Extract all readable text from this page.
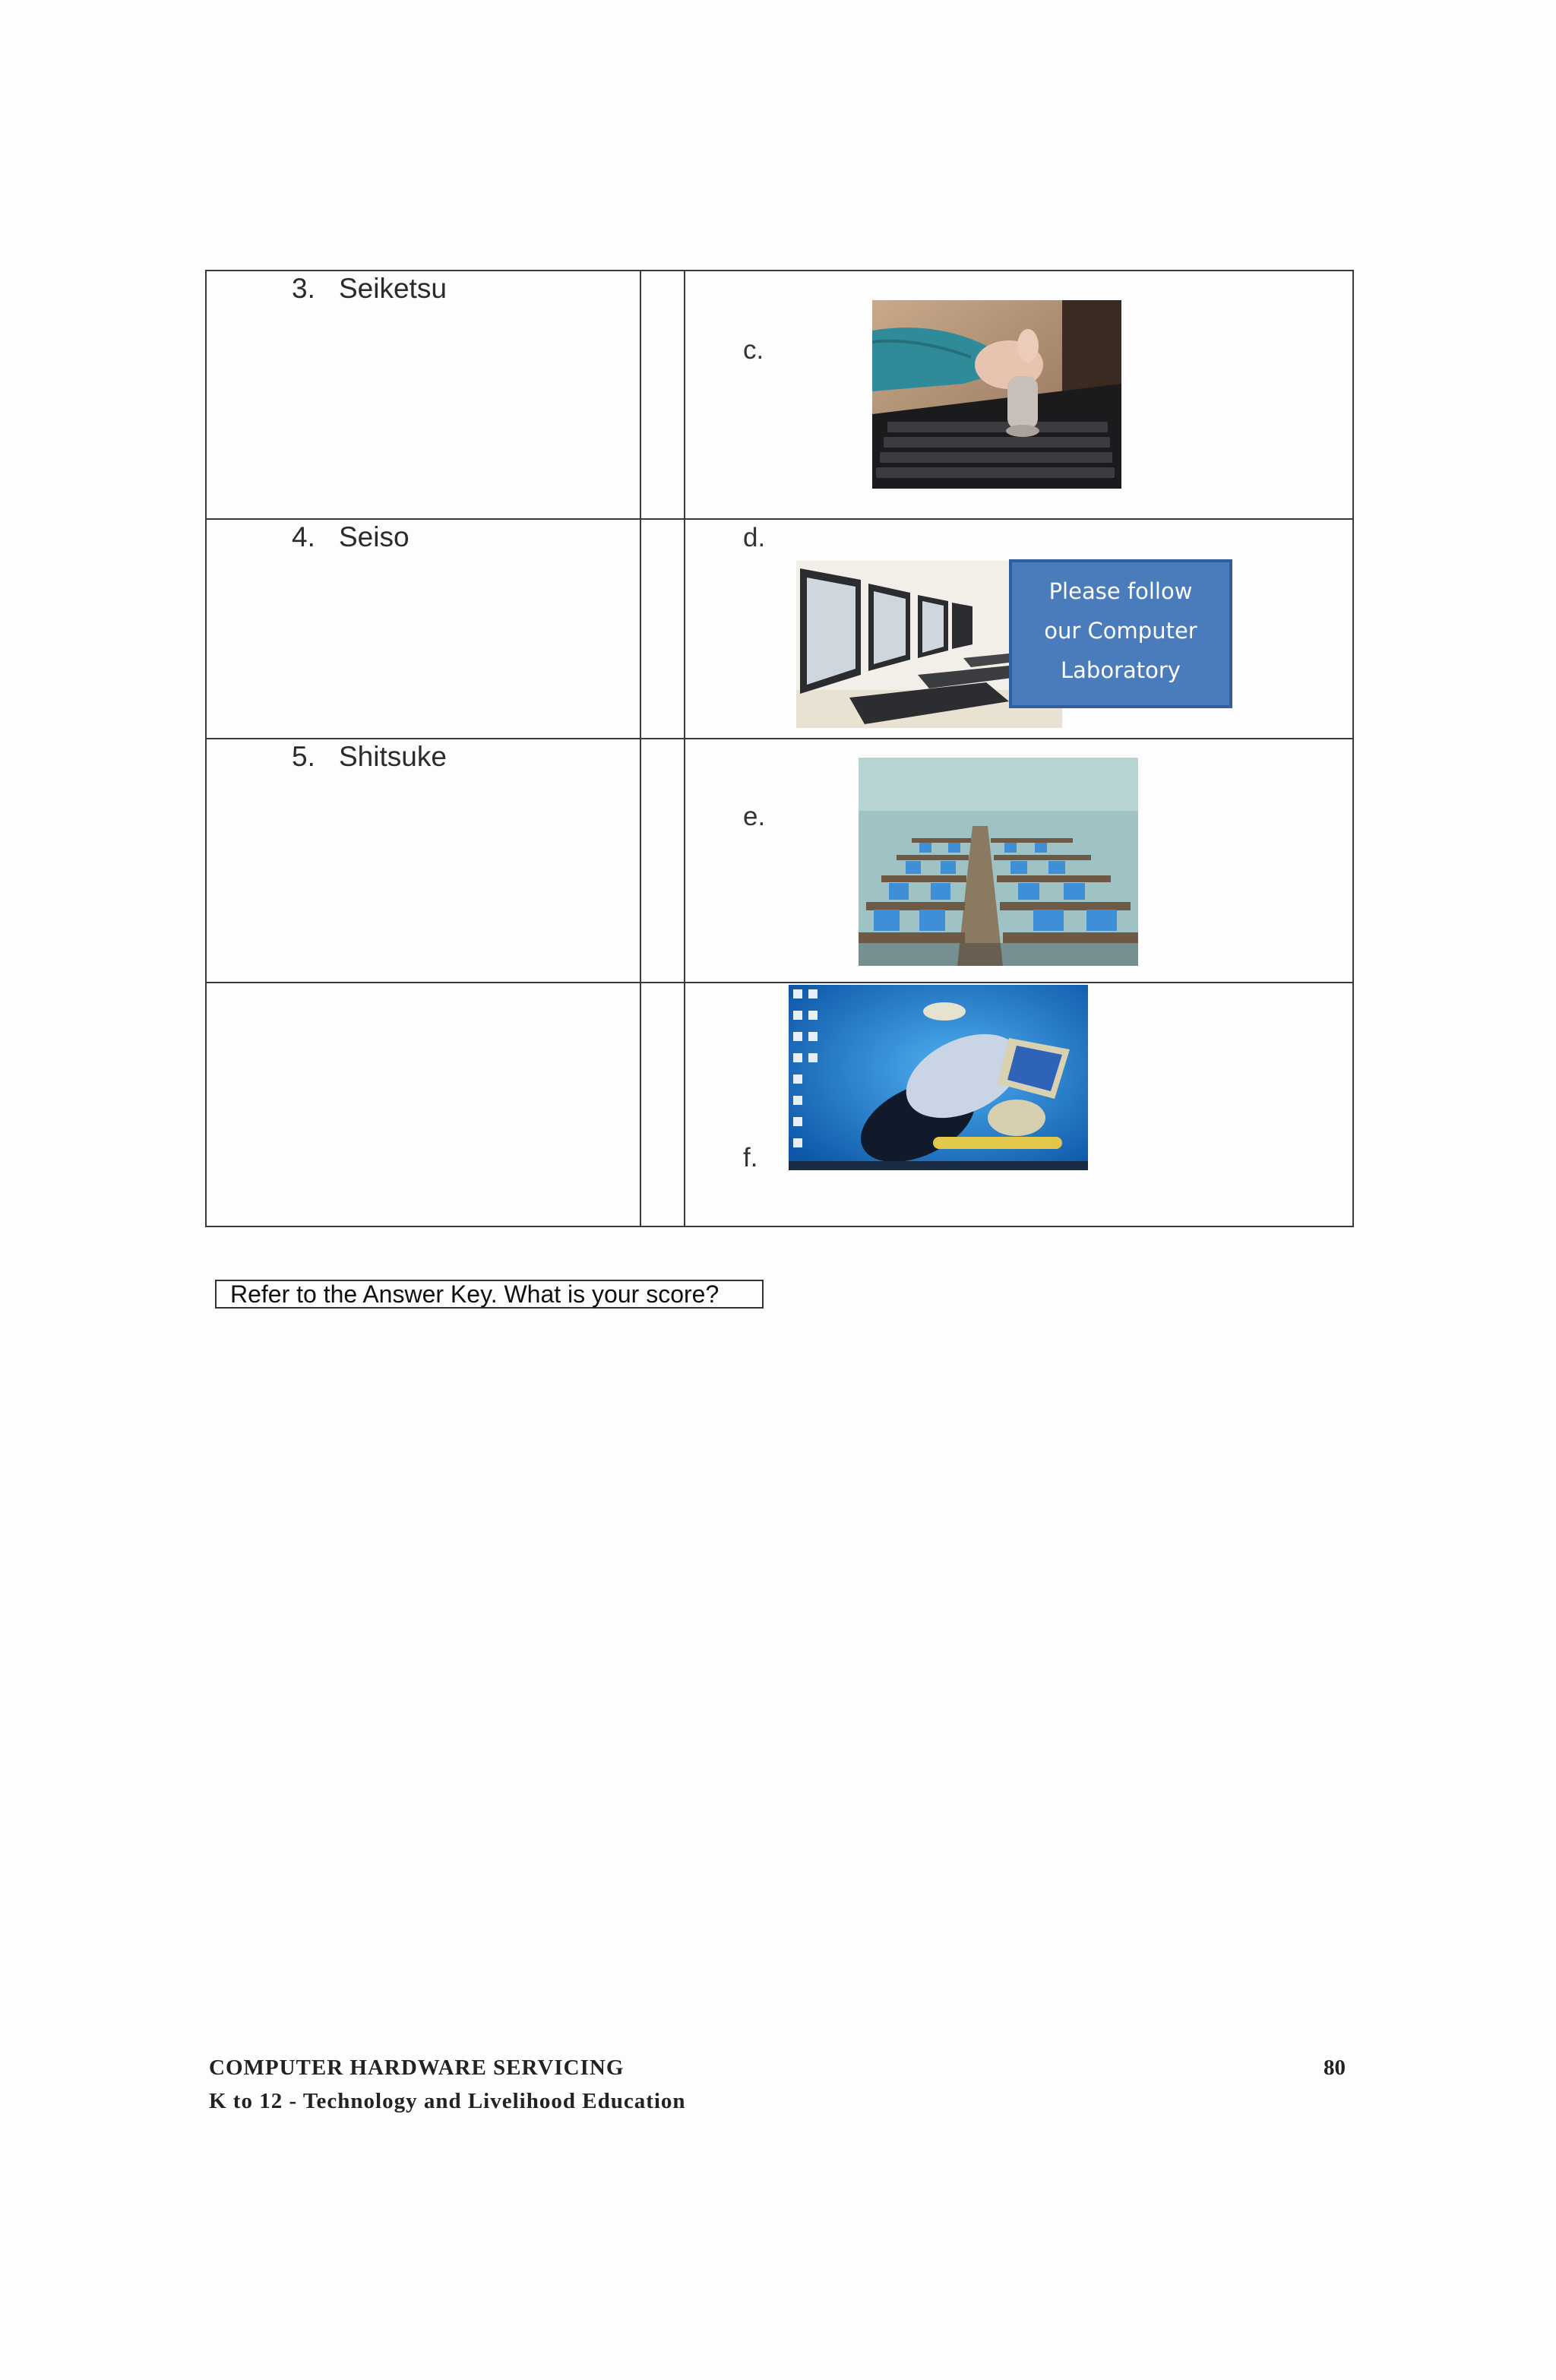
3. Seiketsu		c.

4. Seiso		d.
Please follow
our Computer
Laboratory

5. Shitsuke		e.

		f.
Refer to the Answer Key. What is your score?
COMPUTER HARDWARE SERVICING
K to 12 - Technology and Livelihood Education
80
